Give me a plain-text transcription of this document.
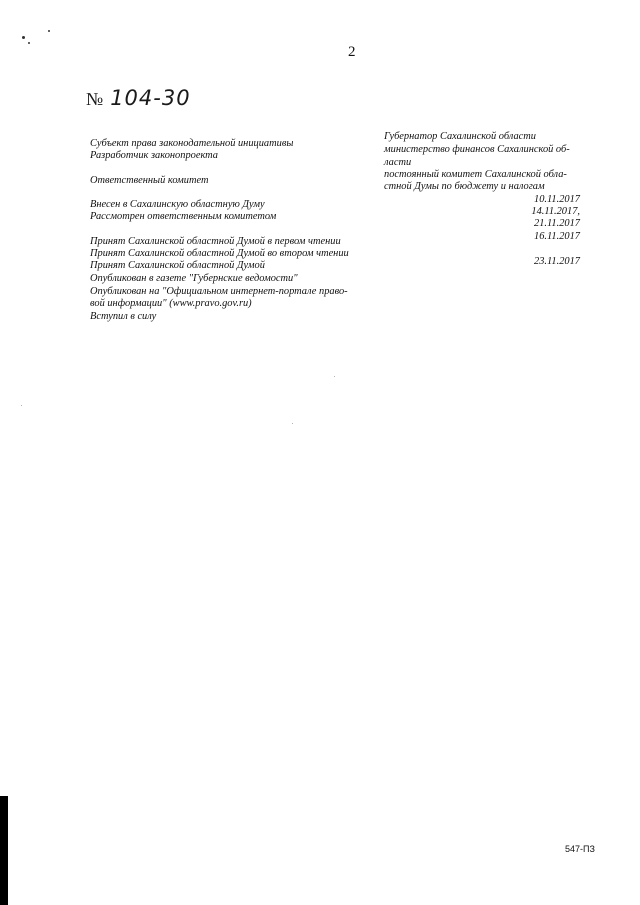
2
№ 104-30
Субъект права законодательной инициативы
Разработчик законопроекта
Ответственный комитет
Внесен в Сахалинскую областную Думу
Рассмотрен ответственным комитетом
Принят Сахалинской областной Думой в первом чтении
Принят Сахалинской областной Думой во втором чтении
Принят Сахалинской областной Думой
Опубликован в газете "Губернские ведомости"
Опубликован на "Официальном интернет-портале право-
вой информации" (www.pravo.gov.ru)
Вступил в силу
Губернатор Сахалинской области
министерство финансов Сахалинской об-
ласти
постоянный комитет Сахалинской обла-
стной Думы по бюджету и налогам
10.11.2017
14.11.2017,
21.11.2017
16.11.2017
23.11.2017
547-ПЗ
